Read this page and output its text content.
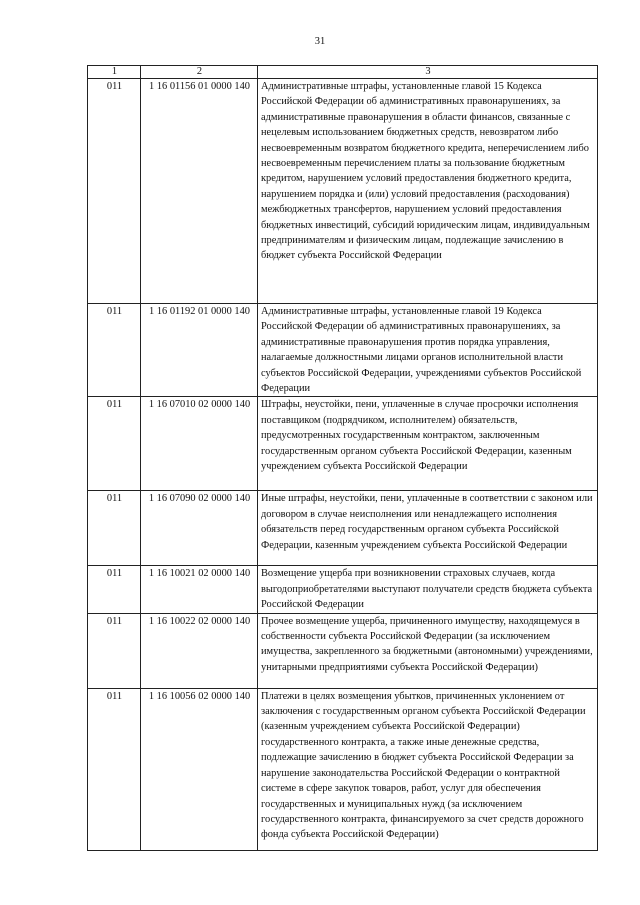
31
1	2	3
011	1 16 01156 01 0000 140	Административные штрафы, установленные главой 15 Кодекса Российской Федерации об административных правонарушениях, за административные правонарушения в области финансов, связанные с нецелевым использованием бюджетных средств, невозвратом либо несвоевременным возвратом бюджетного кредита, неперечислением либо несвоевременным перечислением платы за пользование бюджетным кредитом, нарушением условий предоставления бюджетного кредита, нарушением порядка и (или) условий предоставления (расходования) межбюджетных трансфертов, нарушением условий предоставления бюджетных инвестиций, субсидий юридическим лицам, индивидуальным предпринимателям и физическим лицам, подлежащие зачислению в бюджет субъекта Российской Федерации
011	1 16 01192 01 0000 140	Административные штрафы, установленные главой 19 Кодекса Российской Федерации об административных правонарушениях, за административные правонарушения против порядка управления, налагаемые должностными лицами органов исполнительной власти субъектов Российской Федерации, учреждениями субъектов Российской Федерации
011	1 16 07010 02 0000 140	Штрафы, неустойки, пени, уплаченные в случае просрочки исполнения поставщиком (подрядчиком, исполнителем) обязательств, предусмотренных государственным контрактом, заключенным государственным органом субъекта Российской Федерации, казенным учреждением субъекта Российской Федерации
011	1 16 07090 02 0000 140	Иные штрафы, неустойки, пени, уплаченные в соответствии с законом или договором в случае неисполнения или ненадлежащего исполнения обязательств перед государственным органом субъекта Российской Федерации, казенным учреждением субъекта Российской Федерации
011	1 16 10021 02 0000 140	Возмещение ущерба при возникновении страховых случаев, когда выгодоприобретателями выступают получатели средств бюджета субъекта Российской Федерации
011	1 16 10022 02 0000 140	Прочее возмещение ущерба, причиненного имуществу, находящемуся в собственности субъекта Российской Федерации (за исключением имущества, закрепленного за бюджетными (автономными) учреждениями, унитарными предприятиями субъекта Российской Федерации)
011	1 16 10056 02 0000 140	Платежи в целях возмещения убытков, причиненных уклонением от заключения с государственным органом субъекта Российской Федерации (казенным учреждением субъекта Российской Федерации) государственного контракта, а также иные денежные средства, подлежащие зачислению в бюджет субъекта Российской Федерации за нарушение законодательства Российской Федерации о контрактной системе в сфере закупок товаров, работ, услуг для обеспечения государственных и муниципальных нужд (за исключением государственного контракта, финансируемого за счет средств дорожного фонда субъекта Российской Федерации)
